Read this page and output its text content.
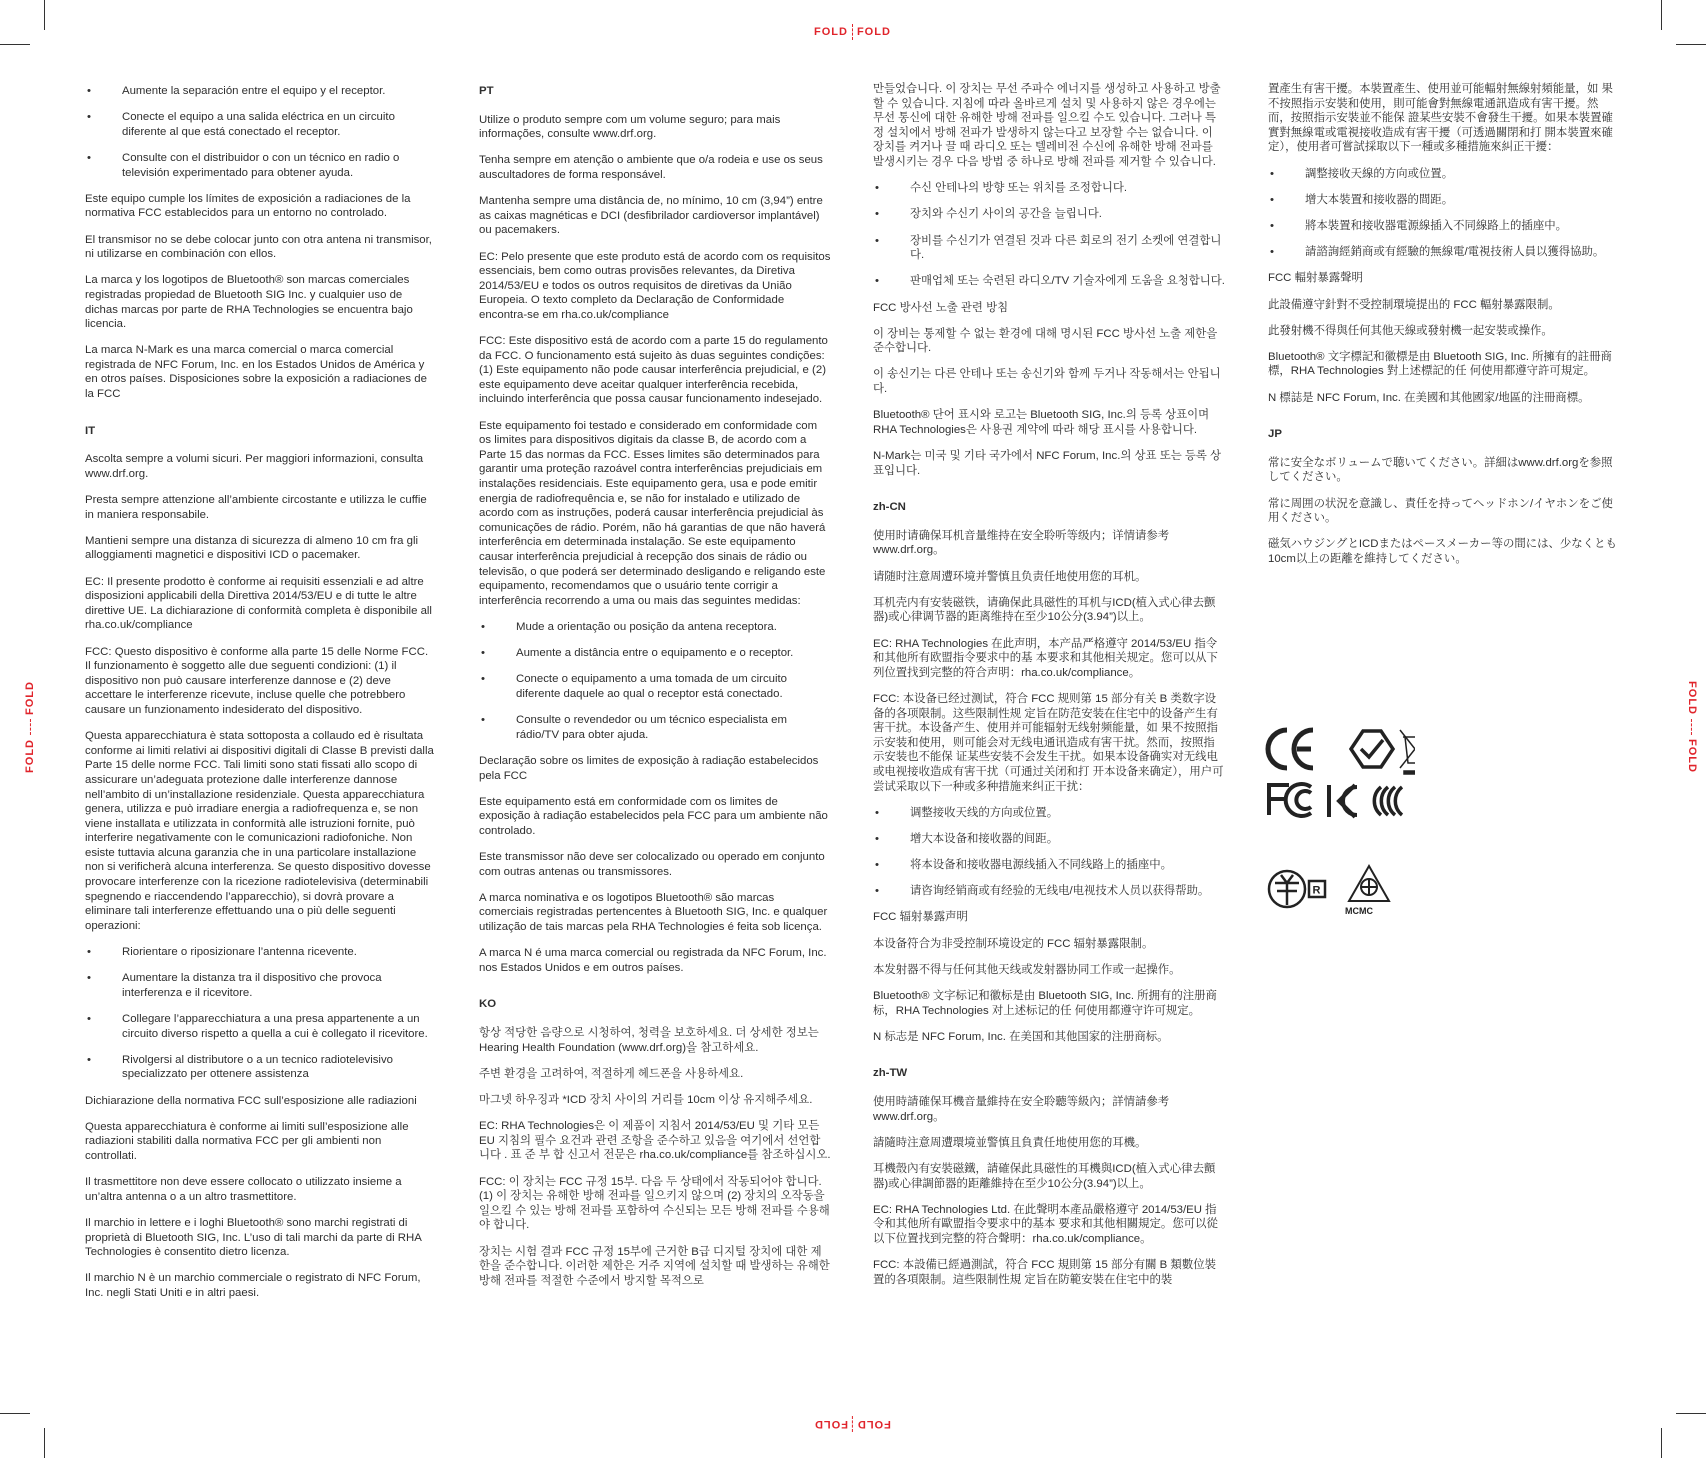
FOLD FOLD
FOLD
FOLD
FOLD
FOLD	FOLD
FOLD
• Aumente la separación entre el equipo y el receptor.
• Conecte el equipo a una salida eléctrica en un circuito diferente al que está conectado el receptor.
• Consulte con el distribuidor o con un técnico en radio o televisión experimentado para obtener ayuda.

Este equipo cumple los límites de exposición a radiaciones de la normativa FCC establecidos para un entorno no controlado.

El transmisor no se debe colocar junto con otra antena ni transmisor, ni utilizarse en combinación con ellos.

La marca y los logotipos de Bluetooth® son marcas comerciales registradas propiedad de Bluetooth SIG Inc. y cualquier uso de dichas marcas por parte de RHA Technologies se encuentra bajo licencia.

La marca N-Mark es una marca comercial o marca comercial registrada de NFC Forum, Inc. en los Estados Unidos de América y en otros países. Disposiciones sobre la exposición a radiaciones de la FCC

IT

Ascolta sempre a volumi sicuri. Per maggiori informazioni, consulta www.drf.org.

Presta sempre attenzione all’ambiente circostante e utilizza le cuffie in maniera responsabile.

Mantieni sempre una distanza di sicurezza di almeno 10 cm fra gli alloggiamenti magnetici e dispositivi ICD o pacemaker.

EC: Il presente prodotto è conforme ai requisiti essenziali e ad altre disposizioni applicabili della Direttiva 2014/53/EU e di tutte le altre direttive UE. La dichiarazione di conformità completa è disponibile all rha.co.uk/compliance

FCC: Questo dispositivo è conforme alla parte 15 delle Norme FCC. Il funzionamento è soggetto alle due seguenti condizioni: (1) il dispositivo non può causare interferenze dannose e (2) deve accettare le interferenze ricevute, incluse quelle che potrebbero causare un funzionamento indesiderato del dispositivo.

Questa apparecchiatura è stata sottoposta a collaudo ed è risultata conforme ai limiti relativi ai dispositivi digitali di Classe B previsti dalla Parte 15 delle norme FCC. Tali limiti sono stati fissati allo scopo di assicurare un’adeguata protezione dalle interferenze dannose nell’ambito di un’installazione residenziale. Questa apparecchiatura genera, utilizza e può irradiare energia a radiofrequenza e, se non viene installata e utilizzata in conformità alle istruzioni fornite, può interferire negativamente con le comunicazioni radiofoniche. Non esiste tuttavia alcuna garanzia che in una particolare installazione non si verificherà alcuna interferenza. Se questo dispositivo dovesse provocare interferenze con la ricezione radiotelevisiva (determinabili spegnendo e riaccendendo l’apparecchio), si dovrà provare a eliminare tali interferenze effettuando una o più delle seguenti operazioni:

• Riorientare o riposizionare l’antenna ricevente.
• Aumentare la distanza tra il dispositivo che provoca interferenza e il ricevitore.
• Collegare l’apparecchiatura a una presa appartenente a un circuito diverso rispetto a quella a cui è collegato il ricevitore.
• Rivolgersi al distributore o a un tecnico radiotelevisivo specializzato per ottenere assistenza

Dichiarazione della normativa FCC sull’esposizione alle radiazioni

Questa apparecchiatura è conforme ai limiti sull’esposizione alle radiazioni stabiliti dalla normativa FCC per gli ambienti non controllati.

Il trasmettitore non deve essere collocato o utilizzato insieme a un’altra antenna o a un altro trasmettitore.

Il marchio in lettere e i loghi Bluetooth® sono marchi registrati di proprietà di Bluetooth SIG, Inc. L’uso di tali marchi da parte di RHA Technologies è consentito dietro licenza.

Il marchio N è un marchio commerciale o registrato di NFC Forum, Inc. negli Stati Uniti e in altri paesi.

PT

Utilize o produto sempre com um volume seguro; para mais informações, consulte www.drf.org.

Tenha sempre em atenção o ambiente que o/a rodeia e use os seus auscultadores de forma responsável.

Mantenha sempre uma distância de, no mínimo, 10 cm (3,94”) entre as caixas magnéticas e DCI (desfibrilador cardioversor implantável) ou pacemakers.

EC: Pelo presente que este produto está de acordo com os requisitos essenciais, bem como outras provisões relevantes, da Diretiva 2014/53/EU e todos os outros requisitos de diretivas da União Europeia. O texto completo da Declaração de Conformidade encontra-se em rha.co.uk/compliance

FCC: Este dispositivo está de acordo com a parte 15 do regulamento da FCC. O funcionamento está sujeito às duas seguintes condições: (1) Este equipamento não pode causar interferência prejudicial, e (2) este equipamento deve aceitar qualquer interferência recebida, incluindo interferência que possa causar funcionamento indesejado.

Este equipamento foi testado e considerado em conformidade com os limites para dispositivos digitais da classe B, de acordo com a Parte 15 das normas da FCC. Esses limites são determinados para garantir uma proteção razoável contra interferências prejudiciais em instalações residenciais. Este equipamento gera, usa e pode emitir energia de radiofrequência e, se não for instalado e utilizado de acordo com as instruções, poderá causar interferência prejudicial às comunicações de rádio. Porém, não há garantias de que não haverá interferência em determinada instalação. Se este equipamento causar interferência prejudicial à recepção dos sinais de rádio ou televisão, o que poderá ser determinado desligando e religando este equipamento, recomendamos que o usuário tente corrigir a interferência recorrendo a uma ou mais das seguintes medidas:

• Mude a orientação ou posição da antena receptora.
• Aumente a distância entre o equipamento e o receptor.
• Conecte o equipamento a uma tomada de um circuito diferente daquele ao qual o receptor está conectado.
• Consulte o revendedor ou um técnico especialista em rádio/TV para obter ajuda.

Declaração sobre os limites de exposição à radiação estabelecidos pela FCC

Este equipamento está em conformidade com os limites de exposição à radiação estabelecidos pela FCC para um ambiente não controlado.

Este transmissor não deve ser colocalizado ou operado em conjunto com outras antenas ou transmissores.

A marca nominativa e os logotipos Bluetooth® são marcas comerciais registradas pertencentes à Bluetooth SIG, Inc. e qualquer utilização de tais marcas pela RHA Technologies é feita sob licença.

A marca N é uma marca comercial ou registrada da NFC Forum, Inc. nos Estados Unidos e em outros países.

KO

항상 적당한 음량으로 시청하여, 청력을 보호하세요. 더 상세한 정보는 Hearing Health Foundation (www.drf.org)을 참고하세요.

주변 환경을 고려하여, 적절하게 헤드폰을 사용하세요.

마그넷 하우징과 *ICD 장치 사이의 거리를 10cm 이상 유지해주세요.

EC: RHA Technologies은 이 제품이 지침서 2014/53/EU 및 기타 모든 EU 지침의 필수 요건과 관련 조항을 준수하고 있음을 여기에서 선언합니다 . 표 준 부 합 신고서 전문은 rha.co.uk/compliance를 참조하십시오.

FCC: 이 장치는 FCC 규정 15부. 다음 두 상태에서 작동되어야 합니다. (1) 이 장치는 유해한 방해 전파를 일으키지 않으며 (2) 장치의 오작동을 일으킬 수 있는 방해 전파를 포함하여 수신되는 모든 방해 전파를 수용해야 합니다.

장치는 시험 결과 FCC 규정 15부에 근거한 B급 디지털 장치에 대한 제한을 준수합니다. 이러한 제한은 거주 지역에 설치할 때 발생하는 유해한 방해 전파를 적절한 수준에서 방지할 목적으로

만들었습니다. 이 장치는 무선 주파수 에너지를 생성하고 사용하고 방출할 수 있습니다. 지침에 따라 올바르게 설치 및 사용하지 않은 경우에는 무선 통신에 대한 유해한 방해 전파를 일으킬 수도 있습니다. 그러나 특정 설치에서 방해 전파가 발생하지 않는다고 보장할 수는 없습니다. 이 장치를 켜거나 끌 때 라디오 또는 텔레비전 수신에 유해한 방해 전파를 발생시키는 경우 다음 방법 중 하나로 방해 전파를 제거할 수 있습니다.

• 수신 안테나의 방향 또는 위치를 조정합니다.
• 장치와 수신기 사이의 공간을 늘립니다.
• 장비를 수신기가 연결된 것과 다른 회로의 전기 소켓에 연결합니다.
• 판매업체 또는 숙련된 라디오/TV 기술자에게 도움을 요청합니다.

FCC 방사선 노출 관련 방침

이 장비는 통제할 수 없는 환경에 대해 명시된 FCC 방사선 노출 제한을 준수합니다.

이 송신기는 다른 안테나 또는 송신기와 함께 두거나 작동해서는 안됩니다.

Bluetooth® 단어 표시와 로고는 Bluetooth SIG, Inc.의 등록 상표이며 RHA Technologies은 사용권 계약에 따라 해당 표시를 사용합니다.

N-Mark는 미국 및 기타 국가에서 NFC Forum, Inc.의 상표 또는 등록 상표입니다.

zh-CN

使用时请确保耳机音量维持在安全聆听等级内；详情请参考 www.drf.org。

请随时注意周遭环境并警慎且负责任地使用您的耳机。

耳机壳内有安装磁铁，请确保此具磁性的耳机与ICD(植入式心律去颤器)或心律调节器的距离维持在至少10公分(3.94”)以上。

EC: RHA Technologies 在此声明，本产品严格遵守 2014/53/EU 指令和其他所有欧盟指令要求中的基 本要求和其他相关规定。您可以从下列位置找到完整的符合声明：rha.co.uk/compliance。

FCC: 本设备已经过测试，符合 FCC 规则第 15 部分有关 B 类数字设备的各项限制。这些限制性规 定旨在防范安装在住宅中的设备产生有害干扰。本设备产生、使用并可能辐射无线射频能量，如 果不按照指示安装和使用，则可能会对无线电通讯造成有害干扰。然而，按照指示安装也不能保 证某些安装不会发生干扰。如果本设备确实对无线电或电视接收造成有害干扰（可通过关闭和打 开本设备来确定），用户可尝试采取以下一种或多种措施来纠正干扰：

• 调整接收天线的方向或位置。
• 增大本设备和接收器的间距。
• 将本设备和接收器电源线插入不同线路上的插座中。
• 请咨询经销商或有经验的无线电/电视技术人员以获得帮助。

FCC 辐射暴露声明

本设备符合为非受控制环境设定的 FCC 辐射暴露限制。

本发射器不得与任何其他天线或发射器协同工作或一起操作。

Bluetooth® 文字标记和徽标是由 Bluetooth SIG, Inc. 所拥有的注册商标，RHA Technologies 对上述标记的任 何使用都遵守许可规定。

N 标志是 NFC Forum, Inc. 在美国和其他国家的注册商标。

zh-TW

使用時請確保耳機音量維持在安全聆聽等級內；詳情請參考 www.drf.org。

請隨時注意周遭環境並警慎且負責任地使用您的耳機。

耳機殼內有安裝磁鐵，請確保此具磁性的耳機與ICD(植入式心律去顫器)或心律調節器的距離維持在至少10公分(3.94”)以上。

EC: RHA Technologies Ltd. 在此聲明本產品嚴格遵守 2014/53/EU 指令和其他所有歐盟指令要求中的基本 要求和其他相關規定。您可以從以下位置找到完整的符合聲明：rha.co.uk/compliance。

FCC: 本設備已經過測試，符合 FCC 規則第 15 部分有關 B 類數位裝置的各項限制。這些限制性規 定旨在防範安裝在住宅中的裝

置產生有害干擾。本裝置產生、使用並可能輻射無線射頻能量，如 果不按照指示安裝和使用，則可能會對無線電通訊造成有害干擾。然而，按照指示安裝並不能保 證某些安裝不會發生干擾。如果本裝置確實對無線電或電視接收造成有害干擾（可透過關閉和打 開本裝置來確定），使用者可嘗試採取以下一種或多種措施來糾正干擾：

• 調整接收天線的方向或位置。
• 增大本裝置和接收器的間距。
• 將本裝置和接收器電源線插入不同線路上的插座中。
• 請諮詢經銷商或有經驗的無線電/電視技術人員以獲得協助。

FCC 輻射暴露聲明

此設備遵守針對不受控制環境提出的 FCC 輻射暴露限制。

此發射機不得與任何其他天線或發射機一起安裝或操作。

Bluetooth® 文字標記和徽標是由 Bluetooth SIG, Inc. 所擁有的註冊商標，RHA Technologies 對上述標記的任 何使用都遵守許可規定。

N 標誌是 NFC Forum, Inc. 在美國和其他國家/地區的注冊商標。

JP

常に安全なボリュームで聴いてください。詳細はwww.drf.orgを参照してください。

常に周囲の状況を意識し、責任を持ってヘッドホン/イヤホンをご使用ください。

磁気ハウジングとICDまたはペースメーカー等の間には、少なくとも10cm以上の距離を維持してください。

R
MCMC
